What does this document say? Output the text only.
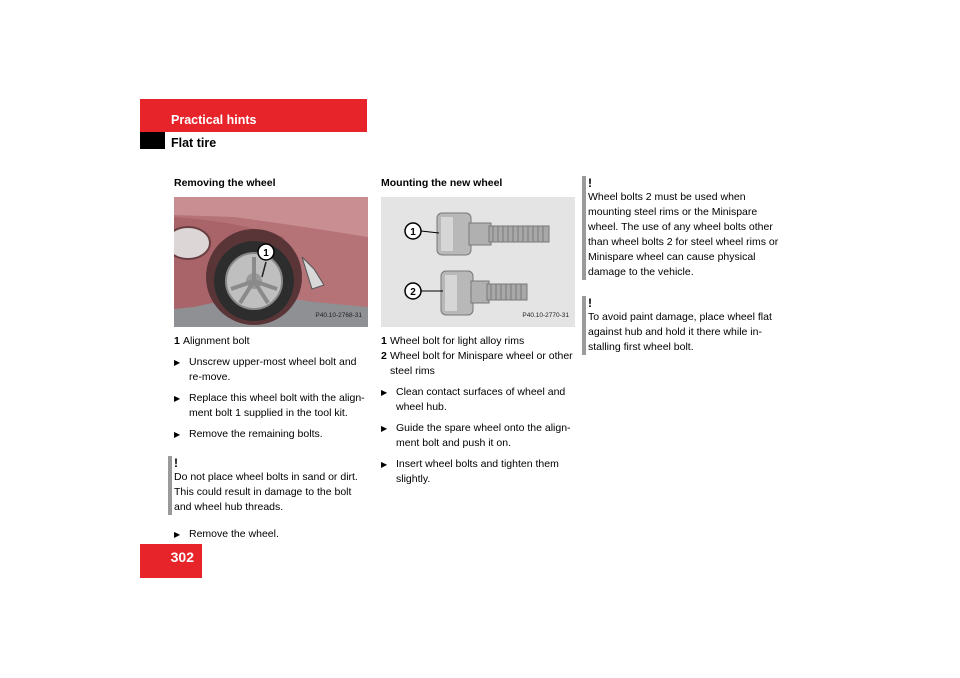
Practical hints
Flat tire
Removing the wheel
1
P40.10-2768-31
1 Alignment bolt
▶ Unscrew upper-most wheel bolt and re-move.
▶ Replace this wheel bolt with the align-ment bolt 1 supplied in the tool kit.
▶ Remove the remaining bolts.
!
Do not place wheel bolts in sand or dirt. This could result in damage to the bolt and wheel hub threads.
▶ Remove the wheel.
Mounting the new wheel
1
2
P40.10-2770-31
1 Wheel bolt for light alloy rims
2 Wheel bolt for Minispare wheel or other steel rims
▶ Clean contact surfaces of wheel and wheel hub.
▶ Guide the spare wheel onto the align-ment bolt and push it on.
▶ Insert wheel bolts and tighten them slightly.
!
Wheel bolts 2 must be used when mounting steel rims or the Minispare wheel. The use of any wheel bolts other than wheel bolts 2 for steel wheel rims or Minispare wheel can cause physical damage to the vehicle.
!
To avoid paint damage, place wheel flat against hub and hold it there while in-stalling first wheel bolt.
302
